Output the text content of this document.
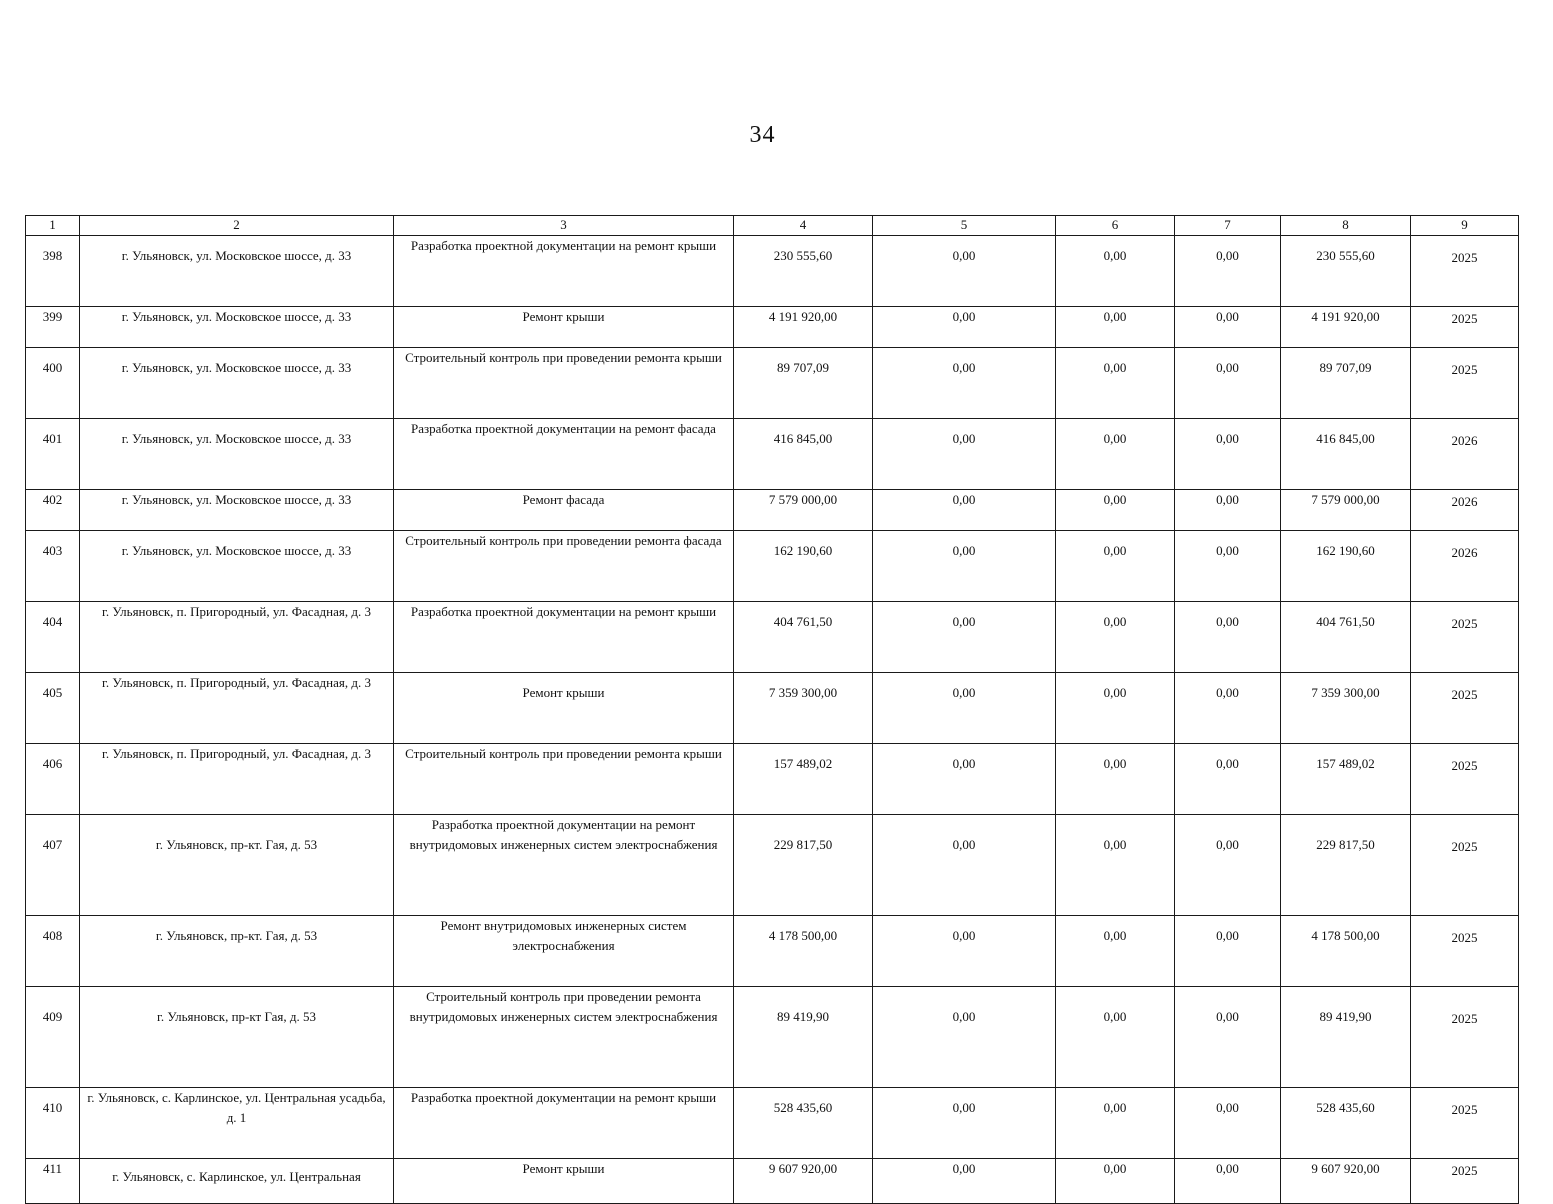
34
1	2	3	4	5	6	7	8	9
398	г. Ульяновск, ул. Московское шоссе, д. 33	Разработка проектной документации на ремонт крыши	230 555,60	0,00	0,00	0,00	230 555,60	2025
399	г. Ульяновск, ул. Московское шоссе, д. 33	Ремонт крыши	4 191 920,00	0,00	0,00	0,00	4 191 920,00	2025
400	г. Ульяновск, ул. Московское шоссе, д. 33	Строительный контроль при проведении ремонта крыши	89 707,09	0,00	0,00	0,00	89 707,09	2025
401	г. Ульяновск, ул. Московское шоссе, д. 33	Разработка проектной документации на ремонт фасада	416 845,00	0,00	0,00	0,00	416 845,00	2026
402	г. Ульяновск, ул. Московское шоссе, д. 33	Ремонт фасада	7 579 000,00	0,00	0,00	0,00	7 579 000,00	2026
403	г. Ульяновск, ул. Московское шоссе, д. 33	Строительный контроль при проведении ремонта фасада	162 190,60	0,00	0,00	0,00	162 190,60	2026
404	г. Ульяновск, п. Пригородный, ул. Фасадная, д. 3	Разработка проектной документации на ремонт крыши	404 761,50	0,00	0,00	0,00	404 761,50	2025
405	г. Ульяновск, п. Пригородный, ул. Фасадная, д. 3	Ремонт крыши	7 359 300,00	0,00	0,00	0,00	7 359 300,00	2025
406	г. Ульяновск, п. Пригородный, ул. Фасадная, д. 3	Строительный контроль при проведении ремонта крыши	157 489,02	0,00	0,00	0,00	157 489,02	2025
407	г. Ульяновск, пр-кт. Гая, д. 53	Разработка проектной документации на ремонт внутридомовых инженерных систем электроснабжения	229 817,50	0,00	0,00	0,00	229 817,50	2025
408	г. Ульяновск, пр-кт. Гая, д. 53	Ремонт внутридомовых инженерных систем электроснабжения	4 178 500,00	0,00	0,00	0,00	4 178 500,00	2025
409	г. Ульяновск, пр-кт Гая, д. 53	Строительный контроль при проведении ремонта внутридомовых инженерных систем электроснабжения	89 419,90	0,00	0,00	0,00	89 419,90	2025
410	г. Ульяновск, с. Карлинское, ул. Центральная усадьба, д. 1	Разработка проектной документации на ремонт крыши	528 435,60	0,00	0,00	0,00	528 435,60	2025
411	г. Ульяновск, с. Карлинское, ул. Центральная	Ремонт крыши	9 607 920,00	0,00	0,00	0,00	9 607 920,00	2025
